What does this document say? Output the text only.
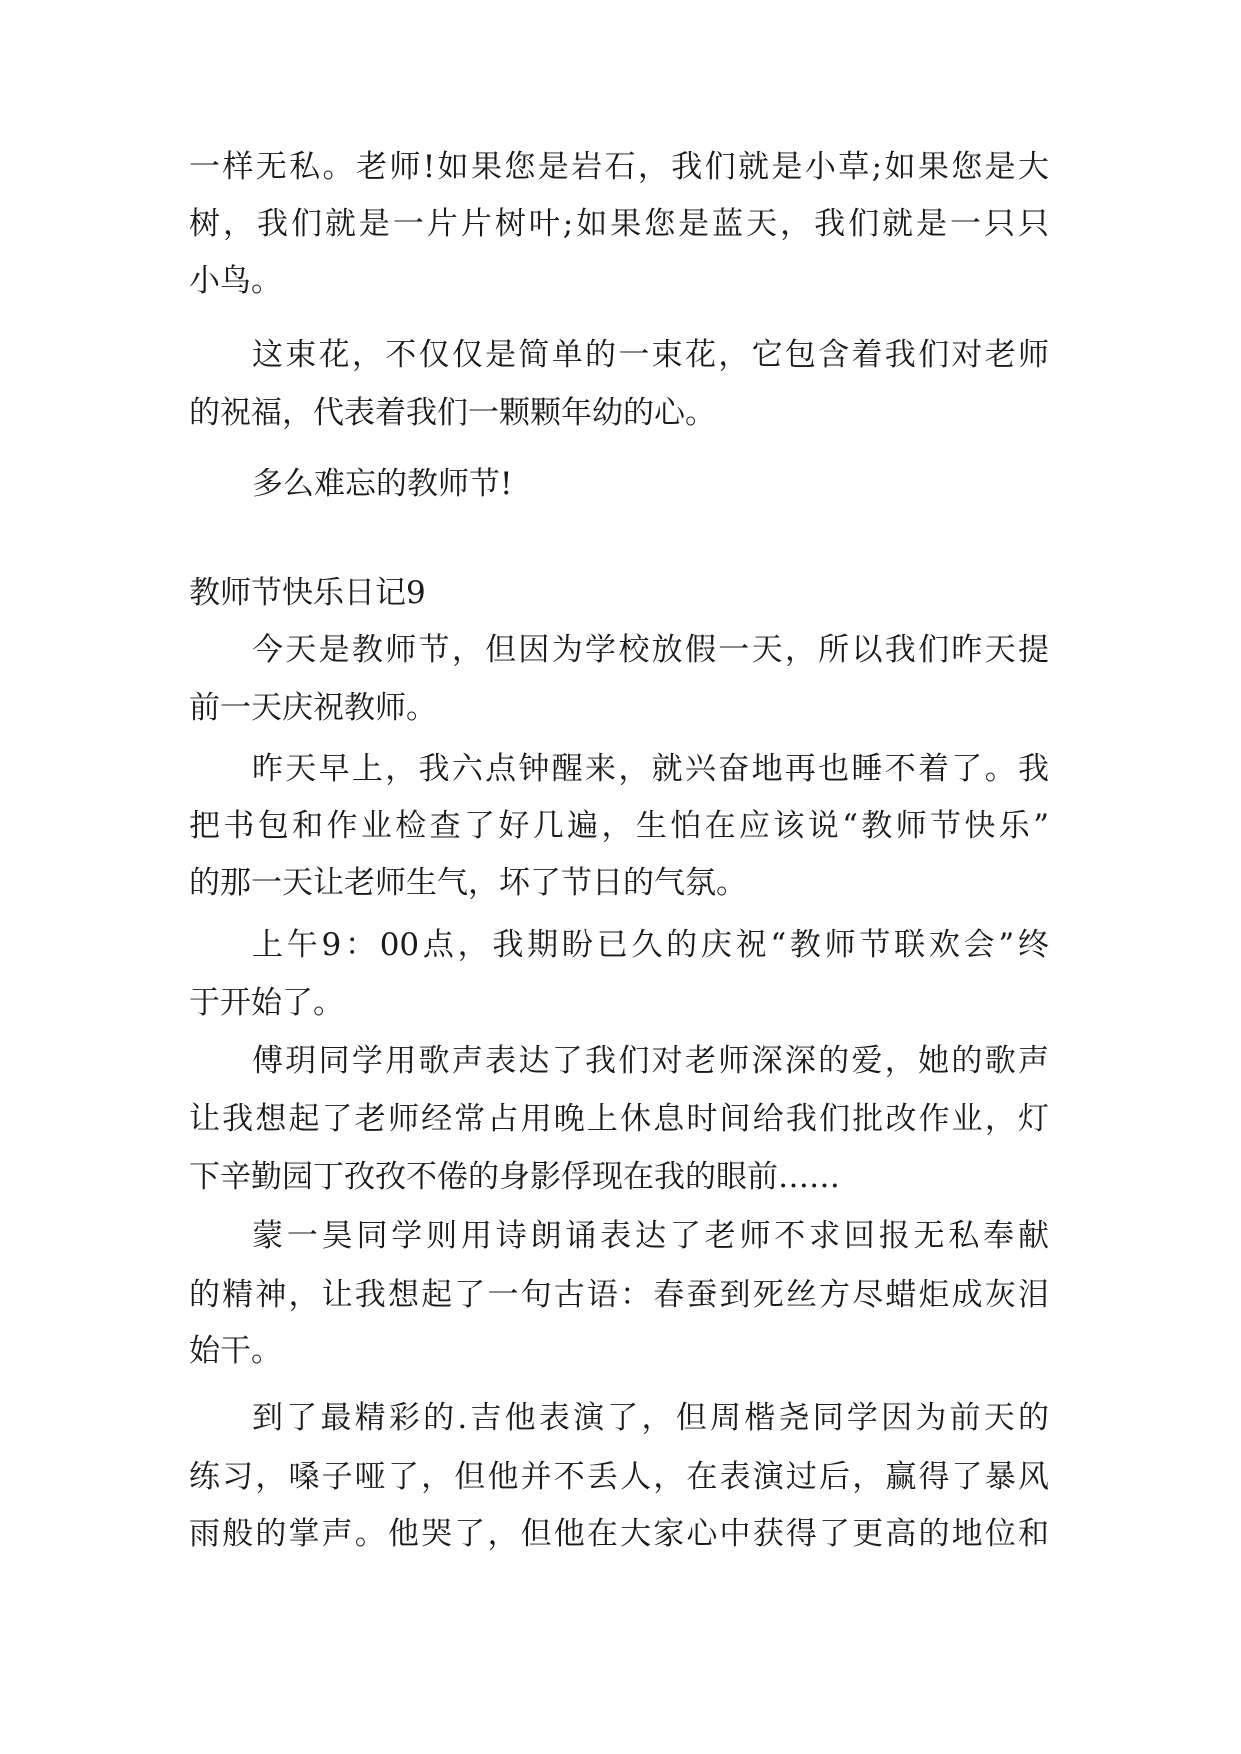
一样无私。老师!如果您是岩石，我们就是小草;如果您是大
树，我们就是一片片树叶;如果您是蓝天，我们就是一只只
小鸟。
这束花，不仅仅是简单的一束花，它包含着我们对老师
的祝福，代表着我们一颗颗年幼的心。
多么难忘的教师节!
教师节快乐日记9
今天是教师节，但因为学校放假一天，所以我们昨天提
前一天庆祝教师。
昨天早上，我六点钟醒来，就兴奋地再也睡不着了。我
把书包和作业检查了好几遍，生怕在应该说“教师节快乐”
的那一天让老师生气，坏了节日的气氛。
上午9：00点，我期盼已久的庆祝“教师节联欢会”终
于开始了。
傅玥同学用歌声表达了我们对老师深深的爱，她的歌声
让我想起了老师经常占用晚上休息时间给我们批改作业，灯
下辛勤园丁孜孜不倦的身影俘现在我的眼前……
蒙一昊同学则用诗朗诵表达了老师不求回报无私奉献
的精神，让我想起了一句古语：春蚕到死丝方尽蜡炬成灰泪
始干。
到了最精彩的.吉他表演了，但周楷尧同学因为前天的
练习，嗓子哑了，但他并不丢人，在表演过后，赢得了暴风
雨般的掌声。他哭了，但他在大家心中获得了更高的地位和
